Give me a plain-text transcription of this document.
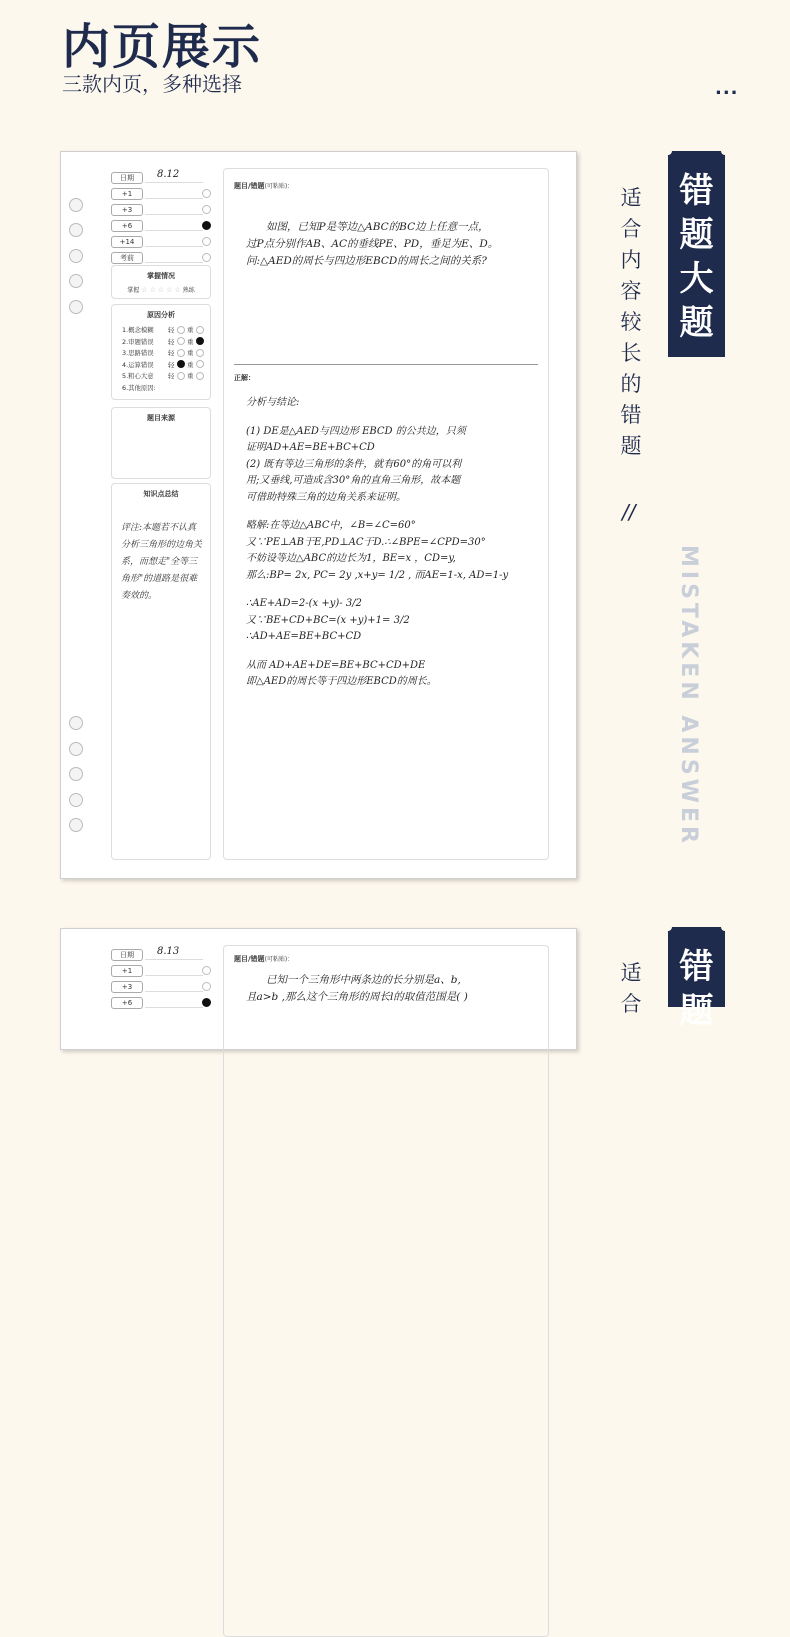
内页展示
三款内页，多种选择	...
日期	8.12
+1
+3
+6
+14
考前
掌握情况
掌握 ☆ ☆ ☆ ☆ ☆ 熟练
原因分析
1.概念模糊	轻	重
2.审题错误	轻	重
3.思路错误	轻	重
4.运算错误	轻	重
5.粗心大意	轻	重
6.其他原因:
题目来源
知识点总结
评注:本题若不认真分析三角形的边角关系，而想走"全等三角形"的道路是很难奏效的。
题目/错题(可粘贴)：
如图，已知P是等边△ABC的BC边上任意一点，
过P点分别作AB、AC的垂线PE、PD，垂足为E、D。
问:△AED的周长与四边形EBCD的周长之间的关系?
正解：
分析与结论:
(1) DE是△AED与四边形 EBCD 的公共边，只须
证明AD+AE=BE+BC+CD
(2) 既有等边三角形的条件，就有60°的角可以利
用;又垂线,可造成含30°角的直角三角形，故本题
可借助特殊三角的边角关系来证明。
略解:在等边△ABC中，∠B=∠C=60°
又∵PE⊥AB于E,PD⊥AC于D.∴∠BPE=∠CPD=30°
不妨设等边△ABC的边长为1，BE=x ，CD=y,
那么:BP= 2x, PC= 2y ,x+y= 1/2 , 而AE=1-x, AD=1-y
∴AE+AD=2-(x +y)- 3/2
又∵BE+CD+BC=(x +y)+1= 3/2
∴AD+AE=BE+BC+CD
从而 AD+AE+DE=BE+BC+CD+DE
即△AED的周长等于四边形EBCD的周长。
日期	8.13
+1
+3
+6
题目/错题(可粘贴)：
已知一个三角形中两条边的长分别是a、b,
且a>b ,那么这个三角形的周长l的取值范围是( )
错
题
大
题
适
合
内
容
较
长
的
错
题
//
MISTAKEN ANSWER
错
题
适
合
